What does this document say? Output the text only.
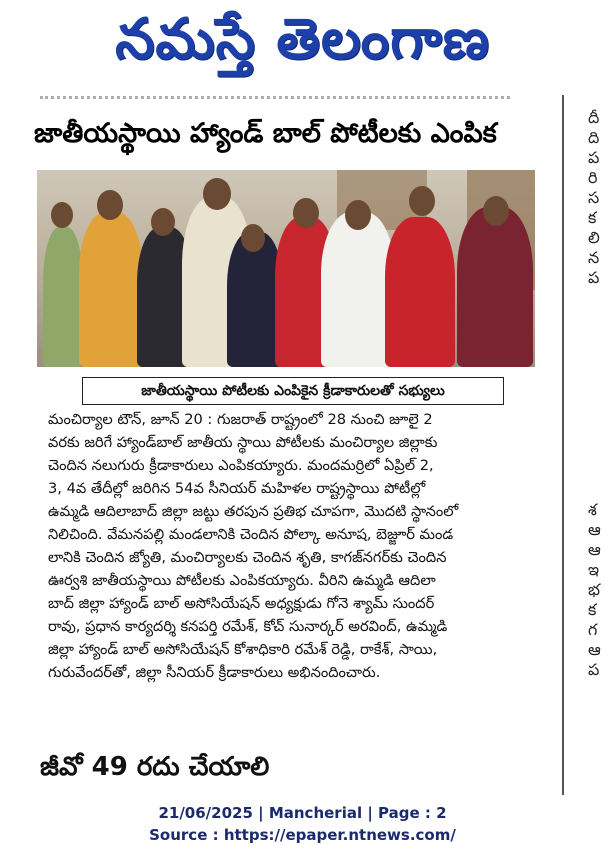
నమస్తే తెలంగాణ
దీ
ది
ప
రి
స
క
లి
న
ప
శ
ఆ
ఆ
ఇ
భ
క
గ
ఆ
ప
జాతీయస్థాయి హ్యాండ్ బాల్ పోటీలకు ఎంపిక
జాతీయస్థాయి పోటీలకు ఎంపికైన క్రీడాకారులతో సభ్యులు

మంచిర్యాల టౌన్, జూన్ 20 : గుజరాత్ రాష్ట్రంలో 28 నుంచి జూలై 2

వరకు జరిగే హ్యాండ్‌బాల్ జాతీయ స్థాయి పోటీలకు మంచిర్యాల జిల్లాకు

చెందిన నలుగురు క్రీడాకారులు ఎంపికయ్యారు. మందమర్రిలో ఏప్రిల్ 2,

3, 4వ తేదీల్లో జరిగిన 54వ సీనియర్ మహిళల రాష్ట్రస్థాయి పోటీల్లో

ఉమ్మడి ఆదిలాబాద్ జిల్లా జట్టు తరపున ప్రతిభ చూపగా, మొదటి స్థానంలో

నిలిచింది. వేమనపల్లి మండలానికి చెందిన పోల్కా అనూష, బెజ్జూర్ మండ

లానికి చెందిన జ్యోతి, మంచిర్యాలకు చెందిన శృతి, కాగజ్‌నగర్‌కు చెందిన

ఊర్వశి జాతీయస్థాయి పోటీలకు ఎంపికయ్యారు. వీరిని ఉమ్మడి ఆదిలా

బాద్ జిల్లా హ్యాండ్ బాల్ అసోసియేషన్ అధ్యక్షుడు గోనె శ్యామ్ సుందర్

రావు, ప్రధాన కార్యదర్శి కనపర్తి రమేశ్, కోచ్ సునార్కర్ అరవింద్, ఉమ్మడి

జిల్లా హ్యాండ్ బాల్ అసోసియేషన్ కోశాధికారి రమేశ్ రెడ్డి, రాకేశ్, సాయి,

గురువేందర్‌తో, జిల్లా సీనియర్ క్రీడాకారులు అభినందించారు.

జీవో 49 రదు చేయాలి
21/06/2025 | Mancherial | Page : 2
Source : https://epaper.ntnews.com/
